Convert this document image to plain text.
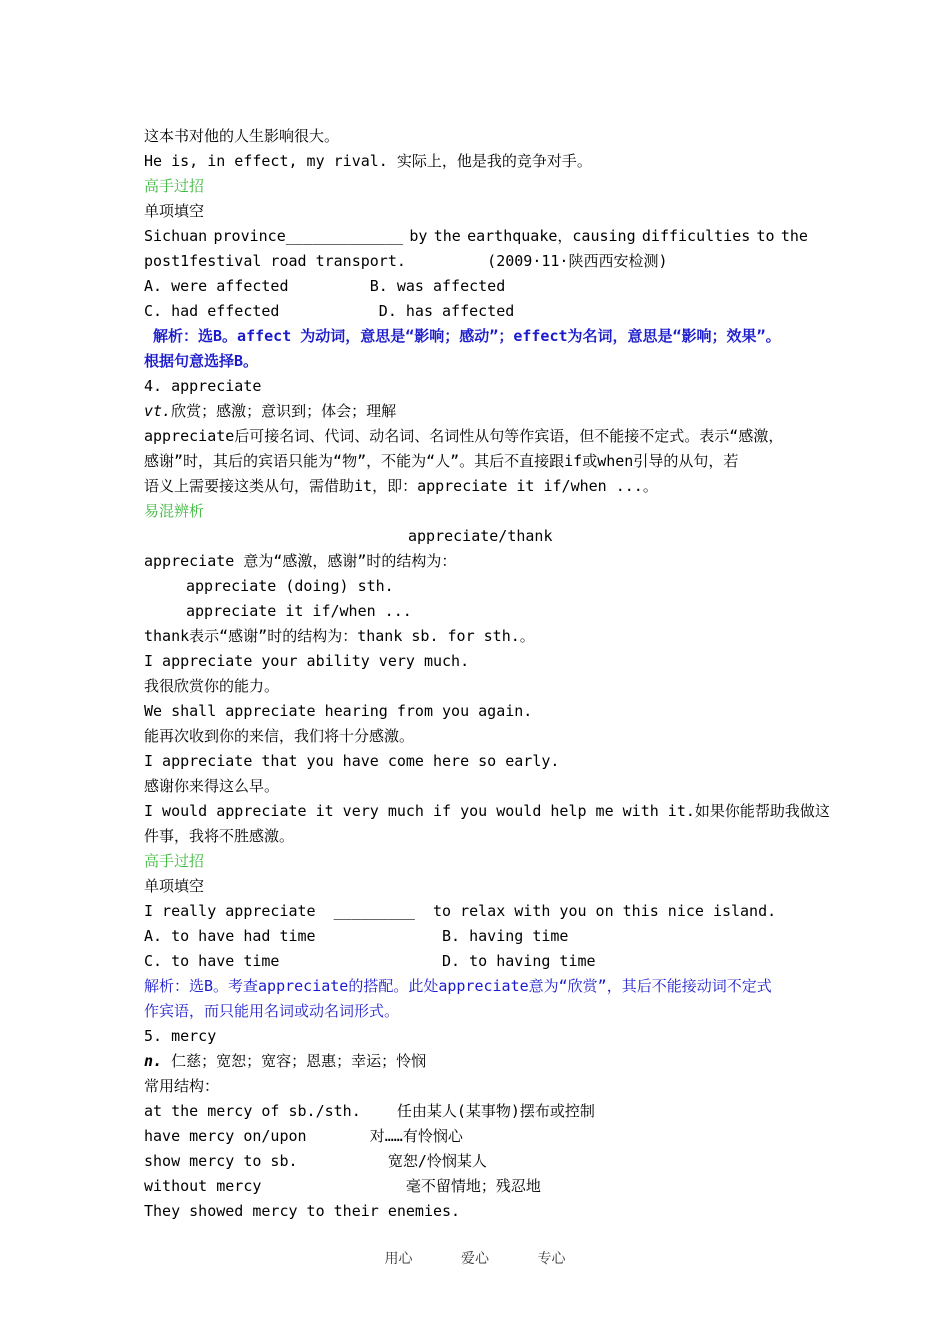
这本书对他的人生影响很大。
He is, in effect, my rival. 实际上，他是我的竞争对手。
高手过招
单项填空
Sichuan province_____________ by the earthquake，causing difficulties to the
post1festival road transport.         (2009·11·陕西西安检测)
A. were affected         B. was affected
C. had effected           D. has affected
解析：选B。affect 为动词，意思是“影响；感动”；effect为名词，意思是“影响；效果”。
根据句意选择B。
4. appreciate
vt.欣赏；感激；意识到；体会；理解
appreciate后可接名词、代词、动名词、名词性从句等作宾语，但不能接不定式。表示“感激，
感谢”时，其后的宾语只能为“物”，不能为“人”。其后不直接跟if或when引导的从句，若
语义上需要接这类从句，需借助it，即：appreciate it if/when ...。
易混辨析
appreciate/thank
appreciate 意为“感激，感谢”时的结构为：
appreciate (doing) sth.
appreciate it if/when ...
thank表示“感谢”时的结构为：thank sb. for sth.。
I appreciate your ability very much.
我很欣赏你的能力。
We shall appreciate hearing from you again.
能再次收到你的来信，我们将十分感激。
I appreciate that you have come here so early.
感谢你来得这么早。
I would appreciate it very much if you would help me with it.如果你能帮助我做这
件事，我将不胜感激。
高手过招
单项填空
I really appreciate  _________  to relax with you on this nice island.
A. to have had time              B. having time
C. to have time                  D. to having time
解析：选B。考查appreciate的搭配。此处appreciate意为“欣赏”，其后不能接动词不定式
作宾语，而只能用名词或动名词形式。
5. mercy
n. 仁慈；宽恕；宽容；恩惠；幸运；怜悯
常用结构：
at the mercy of sb./sth.    任由某人(某事物)摆布或控制
have mercy on/upon       对……有怜悯心
show mercy to sb.          宽恕/怜悯某人
without mercy                毫不留情地；残忍地
They showed mercy to their enemies.
用心	爱心	专心
